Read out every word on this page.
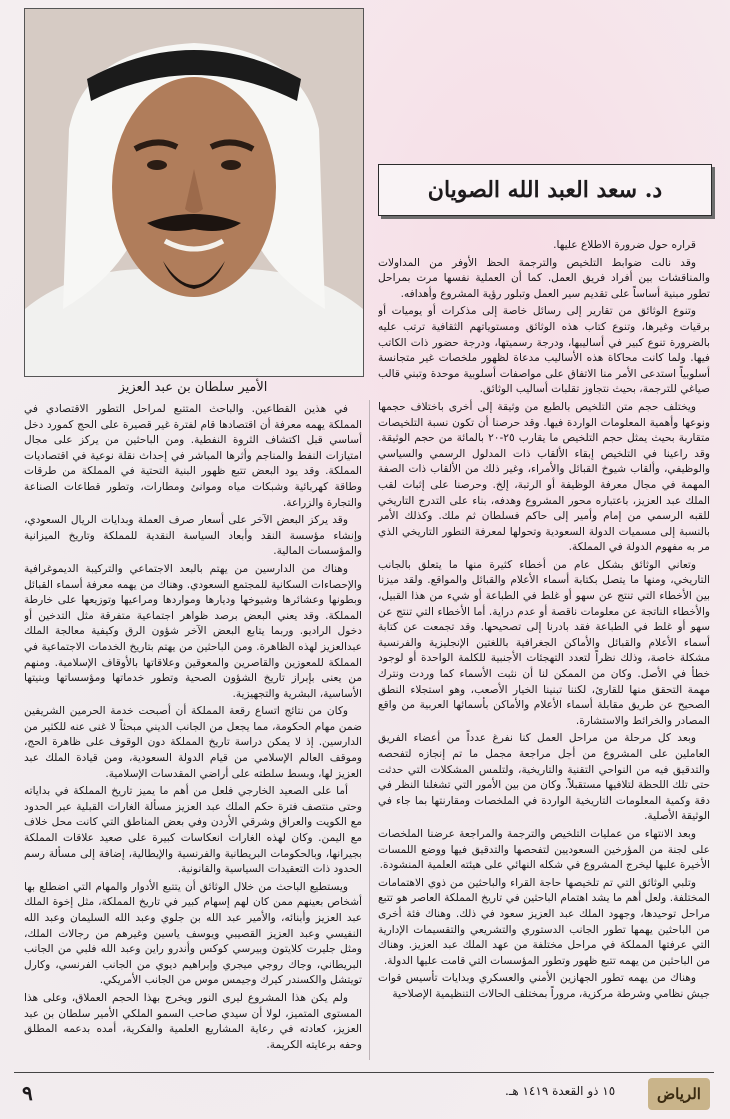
الأمير سلطان بن عبد العزيز
د. سعد العبد الله الصويان

قراره حول ضرورة الاطلاع عليها.

وقد نالت ضوابط التلخيص والترجمة الحظ الأوفر من المداولات والمناقشات بين أفراد فريق العمل. كما أن العملية نفسها مرت بمراحل تطور مبنية أساساً على تقديم سير العمل وتبلور رؤية المشروع وأهدافه.

وتنوع الوثائق من تقارير إلى رسائل خاصة إلى مذكرات أو يوميات أو برقيات وغيرها، وتنوع كتاب هذه الوثائق ومستوياتهم الثقافية ترتب عليه بالضرورة تنوع كبير في أساليبها، ودرجة رسميتها، ودرجة حضور ذات الكاتب فيها. ولما كانت محاكاة هذه الأساليب مدعاة لظهور ملخصات غير متجانسة أسلوبياً استدعى الأمر منا الاتفاق على مواصفات أسلوبية موحدة وتبني قالب صياغي للترجمة، بحيث نتجاوز تقلبات أساليب الوثائق.

ويختلف حجم متن التلخيص بالطبع من وثيقة إلى أخرى باختلاف حجمها ونوعها وأهمية المعلومات الواردة فيها. وقد حرصنا أن تكون نسبة التلخيصات متقاربة بحيث يمثل حجم التلخيص ما يقارب ٢٥-٢٠ بالمائة من حجم الوثيقة. وقد راعينا في التلخيص إبقاء الألقاب ذات المدلول الرسمي والسياسي والوظيفي، وألقاب شيوخ القبائل والأمراء، وغير ذلك من الألقاب ذات الصفة المهمة في مجال معرفة الوظيفة أو الرتبة، إلخ. وحرصنا على إثبات لقب الملك عبد العزيز، باعتباره محور المشروع وهدفه، بناء على التدرج التاريخي للقبه الرسمي من إمام وأمير إلى حاكم فسلطان ثم ملك. وكذلك الأمر بالنسبة إلى مسميات الدولة السعودية وتحولها لمعرفة التطور التاريخي الذي مر به مفهوم الدولة في المملكة.

وتعاني الوثائق بشكل عام من أخطاء كثيرة منها ما يتعلق بالجانب التاريخي، ومنها ما يتصل بكتابة أسماء الأعلام والقبائل والمواقع. ولقد ميزنا بين الأخطاء التي تنتج عن سهو أو غلط في الطباعة أو شيء من هذا القبيل، والأخطاء الناتجة عن معلومات ناقصة أو عدم دراية. أما الأخطاء التي تنتج عن سهو أو غلط في الطباعة فقد بادرنا إلى تصحيحها. وقد تجمعت عن كتابة أسماء الأعلام والقبائل والأماكن الجغرافية باللغتين الإنجليزية والفرنسية مشكلة خاصة، وذلك نظراً لتعدد التهجئات الأجنبية للكلمة الواحدة أو لوجود خطأ في الأصل. وكان من الممكن لنا أن نثبت الأسماء كما وردت ونترك مهمة التحقق منها للقارئ، لكننا تبنينا الخيار الأصعب، وهو استجلاء النطق الصحيح عن طريق مقابلة أسماء الأعلام والأماكن بأسمائها العربية من واقع المصادر والخرائط والاستشارة.

وبعد كل مرحلة من مراحل العمل كنا نفرغ عدداً من أعضاء الفريق العاملين على المشروع من أجل مراجعة مجمل ما تم إنجازه لتفحصه والتدقيق فيه من النواحي التقنية والتاريخية، ولتلمس المشكلات التي حدثت حتى تلك اللحظة لتلافيها مستقبلاً. وكان من بين الأمور التي تشغلنا النظر في دقة وكمية المعلومات التاريخية الواردة في الملخصات ومقارنتها بما جاء في الوثيقة الأصلية.

وبعد الانتهاء من عمليات التلخيص والترجمة والمراجعة عرضنا الملخصات على لجنة من المؤرخين السعوديين لتفحصها والتدقيق فيها ووضع اللمسات الأخيرة عليها ليخرج المشروع في شكله النهائي على هيئته العلمية المنشودة.

وتلبي الوثائق التي تم تلخيصها حاجة القراء والباحثين من ذوي الاهتمامات المختلفة. ولعل أهم ما يشد اهتمام الباحثين في تاريخ المملكة العاصر هو تتبع مراحل توحيدها، وجهود الملك عبد العزيز سعود في ذلك. وهناك فئة أخرى من الباحثين يهمها تطور الجانب الدستوري والتشريعي والتقسيمات الإدارية التي عرفتها المملكة في مراحل مختلفة من عهد الملك عبد العزيز. وهناك من الباحثين من يهمه تتبع ظهور وتطور المؤسسات التي قامت عليها الدولة.

وهناك من يهمه تطور الجهازين الأمني والعسكري وبدايات تأسيس قوات جيش نظامي وشرطة مركزية، مروراً بمختلف الحالات التنظيمية الإصلاحية

في هذين القطاعين. والباحث المتتبع لمراحل التطور الاقتصادي في المملكة يهمه معرفة أن اقتصادها قام لفترة غير قصيرة على الحج كمورد دخل أساسي قبل اكتشاف الثروة النفطية. ومن الباحثين من يركز على مجال امتيازات النفط والمناجم وأثرها المباشر في إحداث نقلة نوعية في اقتصاديات المملكة. وقد يود البعض تتبع ظهور البنية التحتية في المملكة من طرقات وطاقة كهربائية وشبكات مياه وموانئ ومطارات، وتطور قطاعات الصناعة والتجارة والزراعة.

وقد يركز البعض الآخر على أسعار صرف العملة وبدايات الريال السعودي، وإنشاء مؤسسة النقد وأبعاد السياسة النقدية للمملكة وتاريخ الميزانية والمؤسسات المالية.

وهناك من الدارسين من يهتم بالبعد الاجتماعي والتركيبة الديموغرافية والإحصاءات السكانية للمجتمع السعودي. وهناك من يهمه معرفة أسماء القبائل وبطونها وعشائرها وشيوخها وديارها ومواردها ومراعيها وتوزيعها على خارطة المملكة. وقد يعني البعض برصد ظواهر اجتماعية متفرقة مثل التدخين أو دخول الراديو. وربما يتابع البعض الآخر شؤون الرق وكيفية معالجة الملك عبدالعزيز لهذه الظاهرة. ومن الباحثين من يهتم بتاريخ الخدمات الاجتماعية في المملكة للمعوزين والقاصرين والمعوقين وعلاقاتها بالأوقاف الإسلامية. ومنهم من يعنى بإبراز تاريخ الشؤون الصحية وتطور خدماتها ومؤسساتها وبنيتها الأساسية، البشرية والتجهيزية.

وكان من نتائج اتساع رقعة المملكة أن أصبحت خدمة الحرمين الشريفين ضمن مهام الحكومة، مما يجعل من الجانب الديني مبحثاً لا غنى عنه للكثير من الدارسين. إذ لا يمكن دراسة تاريخ المملكة دون الوقوف على ظاهرة الحج، وموقف العالم الإسلامي من قيام الدولة السعودية، ومن قيادة الملك عبد العزيز لها، وبسط سلطته على أراضي المقدسات الإسلامية.

أما على الصعيد الخارجي فلعل من أهم ما يميز تاريخ المملكة في بداياته وحتى منتصف فترة حكم الملك عبد العزيز مسألة الغارات القبلية عبر الحدود مع الكويت والعراق وشرقي الأردن وفي بعض المناطق التي كانت محل خلاف مع اليمن. وكان لهذه الغارات انعكاسات كبيرة على صعيد علاقات المملكة بجيرانها، وبالحكومات البريطانية والفرنسية والإيطالية، إضافة إلى مسألة رسم الحدود ذات التعقيدات السياسية والقانونية.

ويستطيع الباحث من خلال الوثائق أن يتتبع الأدوار والمهام التي اضطلع بها أشخاص بعينهم ممن كان لهم إسهام كبير في تاريخ المملكة، مثل إخوة الملك عبد العزيز وأبنائه، والأمير عبد الله بن جلوي وعبد الله السليمان وعبد الله النفيسي وعبد العزيز القصيبي ويوسف ياسين وغيرهم من رجالات الملك، ومثل جليرت كلايتون وبيرسي كوكس وأندرو راين وعبد الله فلبي من الجانب البريطاني، وجاك روجي ميجري وإبراهيم ديوي من الجانب الفرنسي، وكارل تويتشل والكسندر كيرك وجيمس موس من الجانب الأمريكي.

ولم يكن هذا المشروع ليرى النور ويخرج بهذا الحجم العملاق، وعلى هذا المستوى المتميز، لولا أن سيدي صاحب السمو الملكي الأمير سلطان بن عبد العزيز، كعادته في رعاية المشاريع العلمية والفكرية، أمده بدعمه المطلق وحفه برعايته الكريمة.

٩	١٥ ذو القعدة ١٤١٩ هـ.	الرياض
